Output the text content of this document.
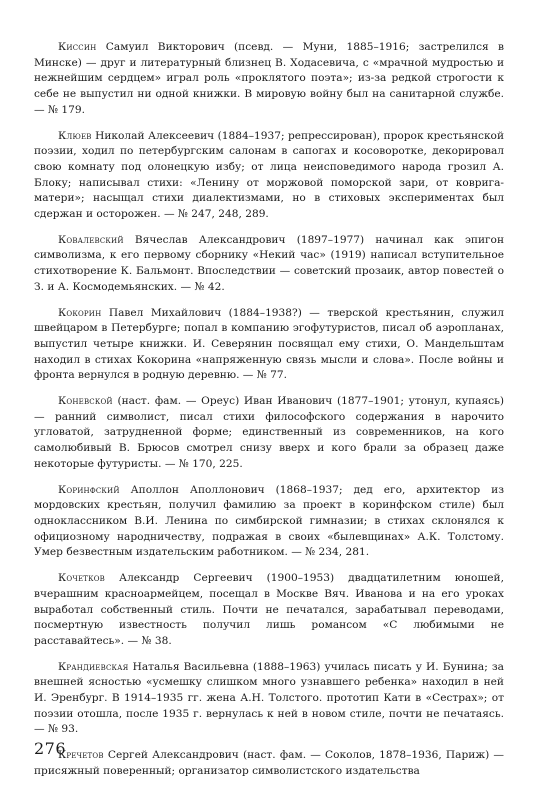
Киссин Самуил Викторович (псевд. — Муни, 1885–1916; застрелился в Минске) — друг и литературный близнец В. Ходасевича, с «мрачной мудростью и нежнейшим сердцем» играл роль «проклятого поэта»; из-за редкой строгости к себе не выпустил ни одной книжки. В мировую войну был на санитарной службе. — № 179.

Клюев Николай Алексеевич (1884–1937; репрессирован), пророк крестьянской поэзии, ходил по петербургским салонам в сапогах и косоворотке, декорировал свою комнату под олонецкую избу; от лица неисповедимого народа грозил А. Блоку; написывал стихи: «Ленину от моржовой поморской зари, от коврига-матери»; насыщал стихи диалектизмами, но в стиховых экспериментах был сдержан и осторожен. — № 247, 248, 289.

Ковалевский Вячеслав Александрович (1897–1977) начинал как эпигон символизма, к его первому сборнику «Некий час» (1919) написал вступительное стихотворение К. Бальмонт. Впоследствии — советский прозаик, автор повестей о З. и А. Космодемьянских. — № 42.

Кокорин Павел Михайлович (1884–1938?) — тверской крестьянин, служил швейцаром в Петербурге; попал в компанию эгофутуристов, писал об аэропланах, выпустил четыре книжки. И. Северянин посвящал ему стихи, О. Мандельштам находил в стихах Кокорина «напряженную связь мысли и слова». После войны и фронта вернулся в родную деревню. — № 77.

Коневской (наст. фам. — Ореус) Иван Иванович (1877–1901; утонул, купаясь) — ранний символист, писал стихи философского содержания в нарочито угловатой, затрудненной форме; единственный из современников, на кого самолюбивый В. Брюсов смотрел снизу вверх и кого брали за образец даже некоторые футуристы. — № 170, 225.

Коринфский Аполлон Аполлонович (1868–1937; дед его, архитектор из мордовских крестьян, получил фамилию за проект в коринфском стиле) был одноклассником В.И. Ленина по симбирской гимназии; в стихах склонялся к официозному народничеству, подражая в своих «былевщинах» А.К. Толстому. Умер безвестным издательским работником. — № 234, 281.

Кочетков Александр Сергеевич (1900–1953) двадцатилетним юношей, вчерашним красноармейцем, посещал в Москве Вяч. Иванова и на его уроках выработал собственный стиль. Почти не печатался, зарабатывал переводами, посмертную известность получил лишь романсом «С любимыми не расставайтесь». — № 38.

Крандиевская Наталья Васильевна (1888–1963) училась писать у И. Бунина; за внешней ясностью «усмешку слишком много узнавшего ребенка» находил в ней И. Эренбург. В 1914–1935 гг. жена А.Н. Толстого. прототип Кати в «Сестрах»; от поэзии отошла, после 1935 г. вернулась к ней в новом стиле, почти не печатаясь. — № 93.

Кречетов Сергей Александрович (наст. фам. — Соколов, 1878–1936, Париж) — присяжный поверенный; организатор символистского издательства

276
